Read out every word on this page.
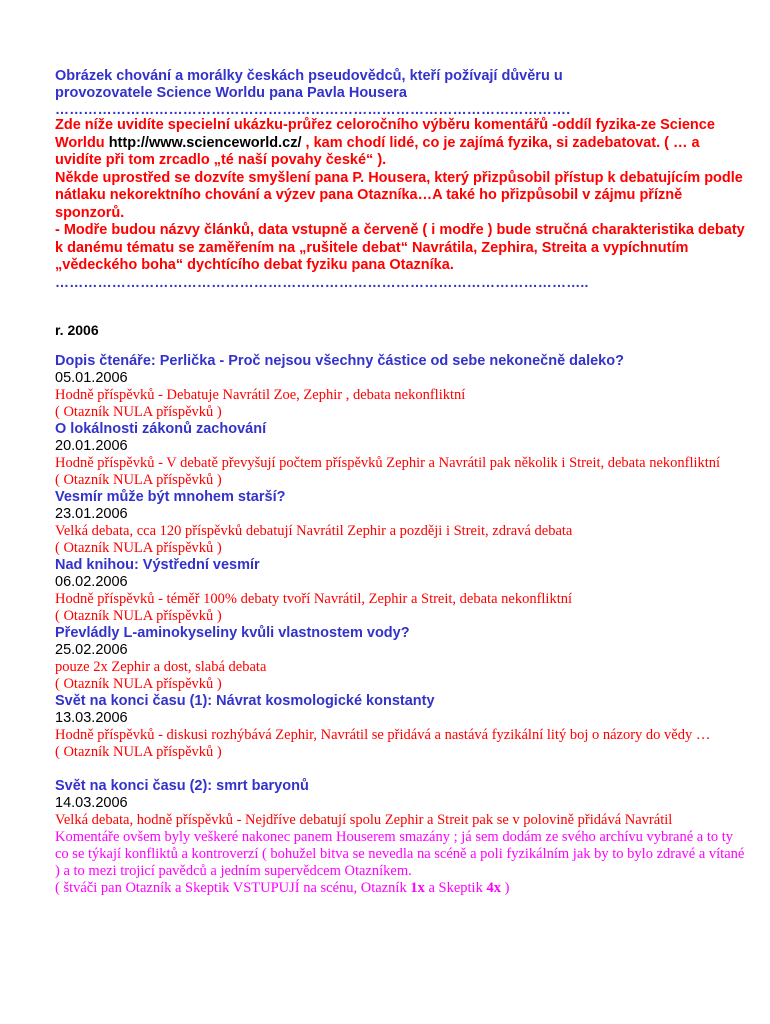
Obrázek chování a morálky českách pseudovědců, kteří požívají důvěru u
provozovatele Science Worldu pana Pavla Housera
……………………………………………………………………………………………….
Zde níže uvidíte specielní ukázku-průřez celoročního výběru komentářů -oddíl fyzika-ze Science Worldu http://www.scienceworld.cz/ , kam chodí lidé, co je zajímá fyzika, si zadebatovat. ( … a uvidíte při tom zrcadlo „té naší povahy české“ ).
Někde uprostřed se dozvíte smyšlení pana P. Housera, který přizpůsobil přístup k debatujícím podle nátlaku nekorektního chování a výzev pana Otazníka…A také ho přizpůsobil v zájmu přízně sponzorů.
- Modře budou názvy článků, data vstupně a červeně ( i modře ) bude stručná charakteristika debaty k danému tématu se zaměřením na „rušitele debat“ Navrátila, Zephira, Streita a vypíchnutím „vědeckého boha“ dychtícího debat fyziku pana Otazníka.
…………………………………………………………………………………………………..
r. 2006
Dopis čtenáře: Perlička - Proč nejsou všechny částice od sebe nekonečně daleko?
05.01.2006
Hodně příspěvků - Debatuje Navrátil Zoe, Zephir , debata nekonfliktní
( Otazník NULA příspěvků )
O lokálnosti zákonů zachování
20.01.2006
Hodně příspěvků - V debatě převyšují počtem příspěvků Zephir a Navrátil pak několik i Streit, debata nekonfliktní
( Otazník NULA příspěvků )
Vesmír může být mnohem starší?
23.01.2006
Velká debata, cca 120 příspěvků debatují Navrátil Zephir a později i Streit, zdravá debata
( Otazník NULA příspěvků )
Nad knihou: Výstřední vesmír
06.02.2006
Hodně příspěvků - téměř 100% debaty tvoří Navrátil, Zephir a Streit, debata nekonfliktní
( Otazník NULA příspěvků )
Převládly L-aminokyseliny kvůli vlastnostem vody?
25.02.2006
pouze 2x Zephir a dost, slabá debata
( Otazník NULA příspěvků )
Svět na konci času (1): Návrat kosmologické konstanty
13.03.2006
Hodně příspěvků - diskusi rozhýbává Zephir, Navrátil se přidává a nastává fyzikální litý boj o názory do vědy …
( Otazník NULA příspěvků )
Svět na konci času (2): smrt baryonů
14.03.2006
Velká debata, hodně příspěvků - Nejdříve debatují spolu Zephir a Streit pak se v polovině přidává Navrátil
Komentáře ovšem byly veškeré nakonec panem Houserem smazány ; já sem dodám ze svého archívu vybrané a to ty co se týkají konfliktů a kontroverzí ( bohužel bitva se nevedla na scéně a poli fyzikálním jak by to bylo zdravé a vítané ) a to mezi trojicí pavědců a jedním supervědcem Otazníkem.
( štváči pan Otazník a Skeptik VSTUPUJÍ na scénu, Otazník 1x a Skeptik 4x )
